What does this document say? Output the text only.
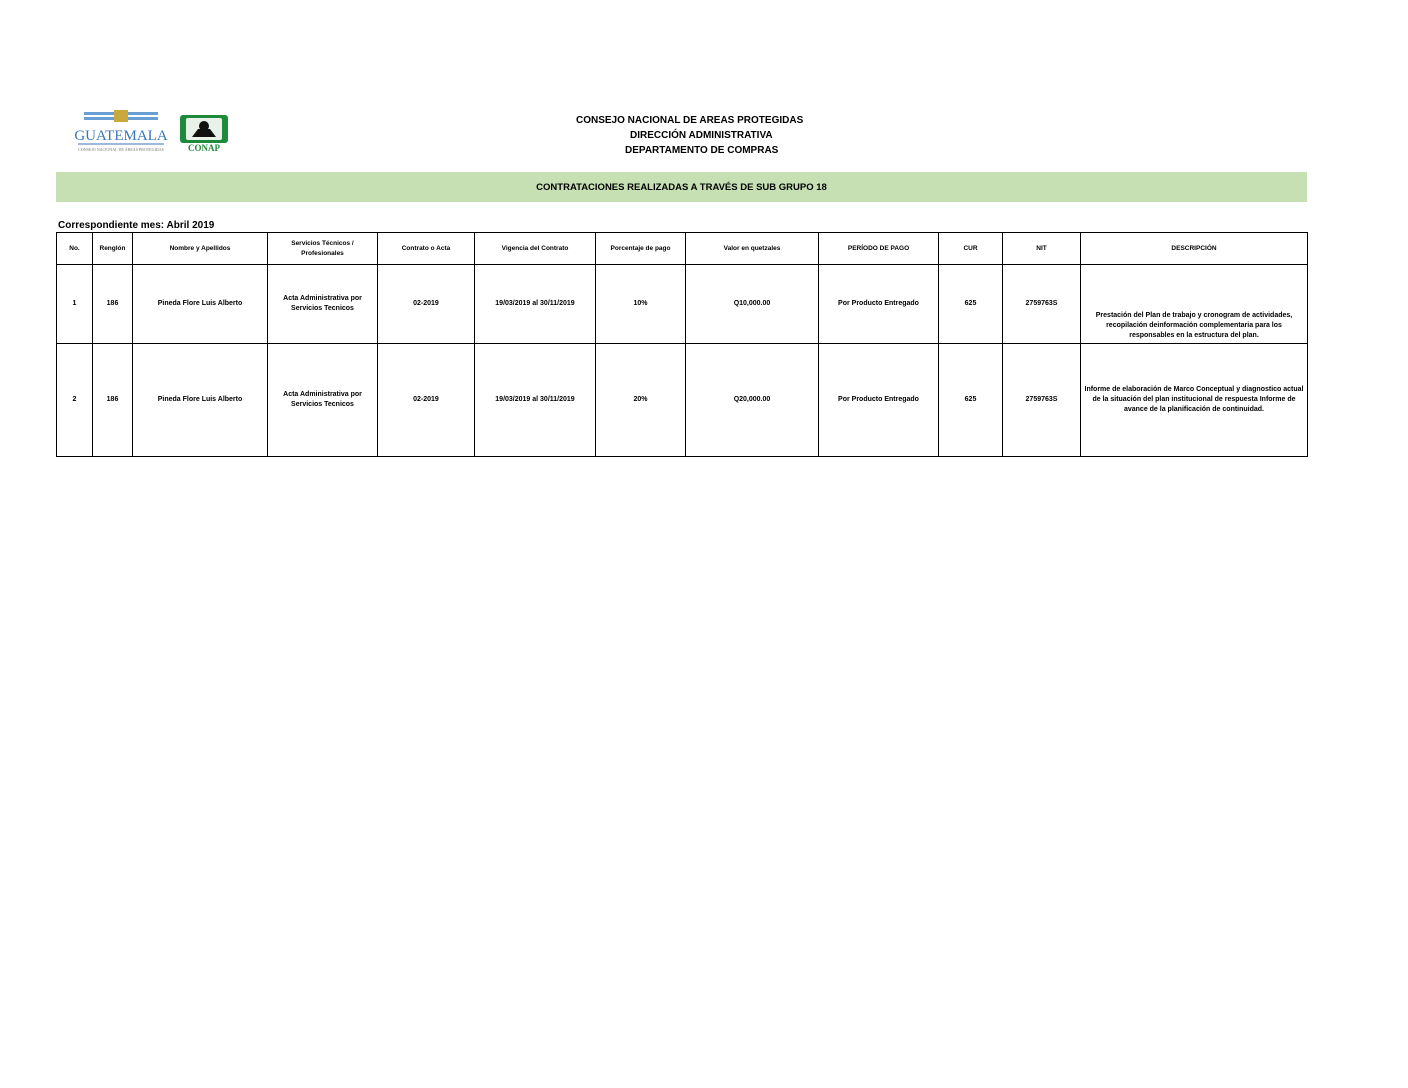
GUATEMALA
CONSEJO NACIONAL DE ÁREAS PROTEGIDAS	CONAP
CONSEJO NACIONAL DE AREAS PROTEGIDAS
DIRECCIÓN ADMINISTRATIVA
DEPARTAMENTO DE COMPRAS
CONTRATACIONES REALIZADAS A TRAVÉS DE SUB GRUPO 18
Correspondiente mes: Abril 2019
No.	Renglón	Nombre y Apellidos	Servicios Técnicos / Profesionales	Contrato o Acta	Vigencia del Contrato	Porcentaje de pago	Valor en quetzales	PERÍODO DE PAGO	CUR	NIT	DESCRIPCIÓN
1	186	Pineda Flore Luis Alberto	Acta Administrativa por Servicios Tecnicos	02-2019	19/03/2019 al 30/11/2019	10%	Q10,000.00	Por Producto Entregado	625	2759763S	Prestación del Plan de trabajo y cronogram de actividades, recopilación deinformación complementaria para los responsables en la estructura del plan.
2	186	Pineda Flore Luis Alberto	Acta Administrativa por Servicios Tecnicos	02-2019	19/03/2019 al 30/11/2019	20%	Q20,000.00	Por Producto Entregado	625	2759763S	Informe de elaboración de Marco Conceptual y diagnostico actual de la situación del plan institucional de respuesta Informe de avance de la planificación de continuidad.
